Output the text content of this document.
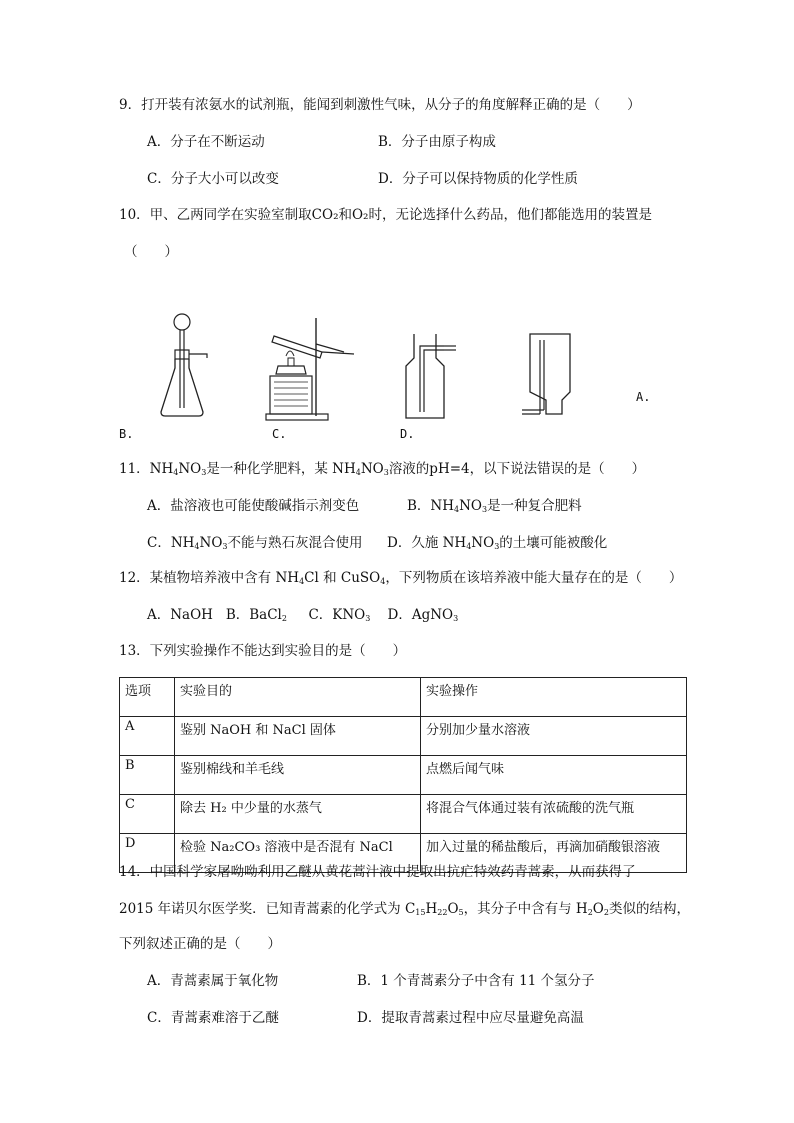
9．打开装有浓氨水的试剂瓶，能闻到刺激性气味，从分子的角度解释正确的是（　　）
A．分子在不断运动	B．分子由原子构成
C．分子大小可以改变	D．分子可以保持物质的化学性质
10．甲、乙两同学在实验室制取CO₂和O₂时，无论选择什么药品，他们都能选用的装置是
（　　）
A.
B.	C.	D.
11．$NH_4NO_3$是一种化学肥料，某 $NH_4NO_3$溶液的pH=4，以下说法错误的是（　　）
A．盐溶液也可能使酸碱指示剂变色	B．$NH_4NO_3$是一种复合肥料
C．$NH_4NO_3$不能与熟石灰混合使用 D．久施 $NH_4NO_3$的土壤可能被酸化
12．某植物培养液中含有 $NH_4Cl$ 和 CuSO$_4$，下列物质在该培养液中能大量存在的是（　　）
A．NaOH B．BaCl$_2$ C．$KNO_3$ D．AgNO$_3$
13．下列实验操作不能达到实验目的是（　　）
选项	实验目的	实验操作
A	鉴别 NaOH 和 NaCl 固体	分别加少量水溶液
B	鉴别棉线和羊毛线	点燃后闻气味
C	除去 H₂ 中少量的水蒸气	将混合气体通过装有浓硫酸的洗气瓶
D	检验 Na₂CO₃ 溶液中是否混有 NaCl	加入过量的稀盐酸后，再滴加硝酸银溶液
14．中国科学家屠呦呦利用乙醚从黄花蒿汁液中提取出抗疟特效药青蒿素，从而获得了
2015 年诺贝尔医学奖．已知青蒿素的化学式为 $C_{15}H_{22}O_5$，其分子中含有与 $H_2O_2$类似的结构，
下列叙述正确的是（　　）
A．青蒿素属于氧化物	B．1 个青蒿素分子中含有 11 个氢分子
C．青蒿素难溶于乙醚	D．提取青蒿素过程中应尽量避免高温
